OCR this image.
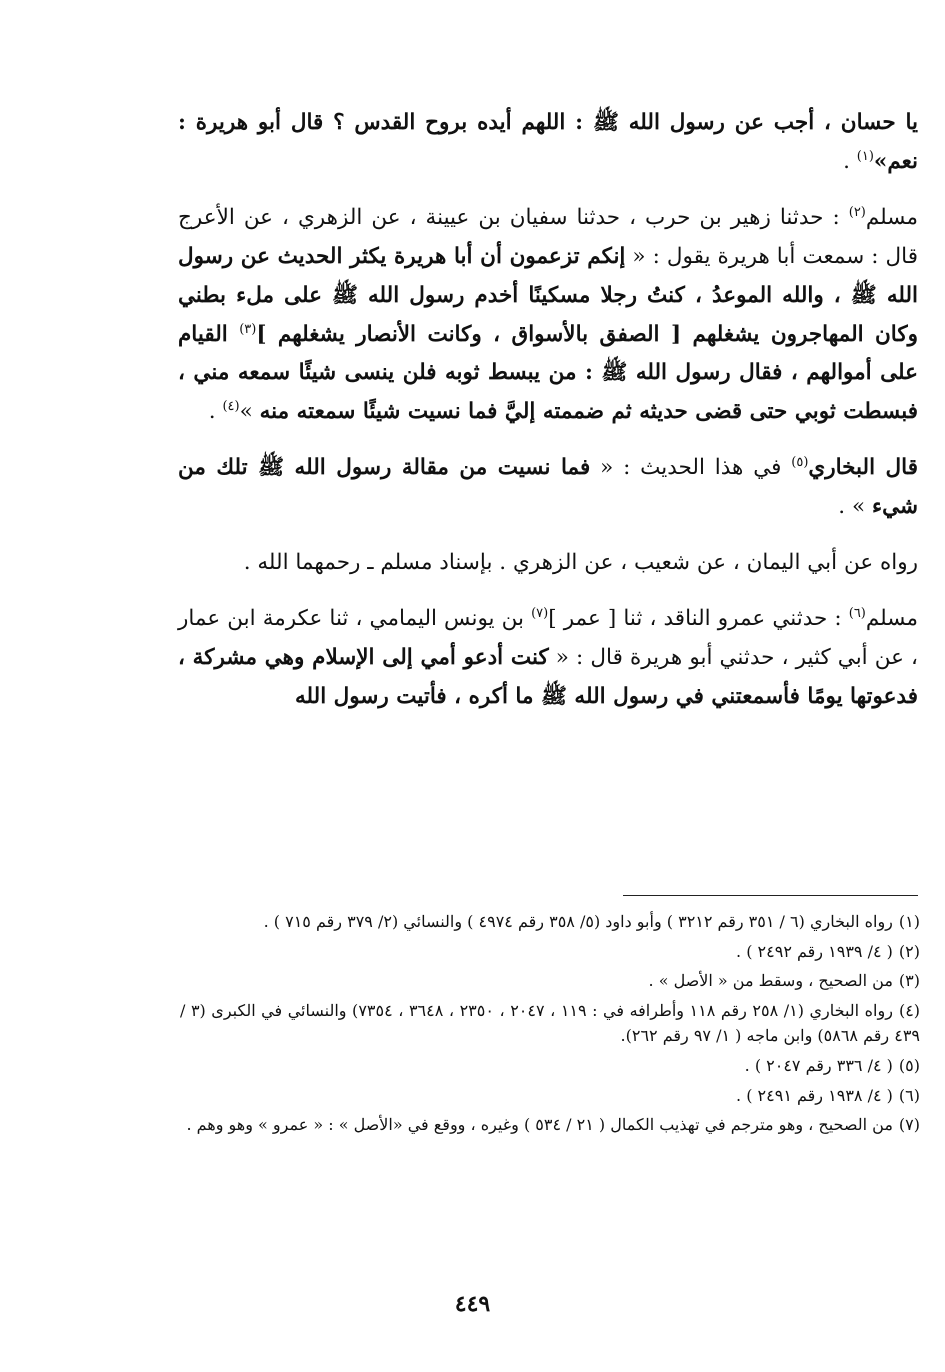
يا حسان ، أجب عن رسول الله ﷺ : اللهم أيده بروح القدس ؟ قال أبو هريرة : نعم»$^{(١)}$ .

مسلم$^{(٢)}$ : حدثنا زهير بن حرب ، حدثنا سفيان بن عيينة ، عن الزهري ، عن الأعرج قال : سمعت أبا هريرة يقول : « إنكم تزعمون أن أبا هريرة يكثر الحديث عن رسول الله ﷺ ، والله الموعدُ ، كنتُ رجلا مسكينًا أخدم رسول الله ﷺ على ملء بطني وكان المهاجرون يشغلهم [ الصفق بالأسواق ، وكانت الأنصار يشغلهم ]$^{(٣)}$ القيام على أموالهم ، فقال رسول الله ﷺ : من يبسط ثوبه فلن ينسى شيئًا سمعه مني ، فبسطت ثوبي حتى قضى حديثه ثم ضممته إليَّ فما نسيت شيئًا سمعته منه »$^{(٤)}$ .

قال البخاري$^{(٥)}$ في هذا الحديث : « فما نسيت من مقالة رسول الله ﷺ تلك من شيء » .

رواه عن أبي اليمان ، عن شعيب ، عن الزهري . بإسناد مسلم ـ رحمهما الله .

مسلم$^{(٦)}$ : حدثني عمرو الناقد ، ثنا [ عمر ]$^{(٧)}$ بن يونس اليمامي ، ثنا عكرمة ابن عمار ، عن أبي كثير ، حدثني أبو هريرة قال : « كنت أدعو أمي إلى الإسلام وهي مشركة ، فدعوتها يومًا فأسمعتني في رسول الله ﷺ ما أكره ، فأتيت رسول الله

(١)رواه البخاري (٦ / ٣٥١ رقم ٣٢١٢ ) وأبو داود (٥/ ٣٥٨ رقم ٤٩٧٤ ) والنسائي (٢/ ٣٧٩ رقم ٧١٥ ) .

(٢)( ٤/ ١٩٣٩ رقم ٢٤٩٢ ) .

(٣)من الصحيح ، وسقط من « الأصل » .

(٤)رواه البخاري (١/ ٢٥٨ رقم ١١٨ وأطرافه في : ١١٩ ، ٢٠٤٧ ، ٢٣٥٠ ، ٣٦٤٨ ، ٧٣٥٤) والنسائي في الكبرى (٣ / ٤٣٩ رقم ٥٨٦٨) وابن ماجه ( ١/ ٩٧ رقم ٢٦٢).

(٥)( ٤/ ٣٣٦ رقم ٢٠٤٧ ) .

(٦)( ٤/ ١٩٣٨ رقم ٢٤٩١ ) .

(٧)من الصحيح ، وهو مترجم في تهذيب الكمال ( ٢١ / ٥٣٤ ) وغيره ، ووقع في «الأصل » : « عمرو » وهو وهم .

٤٤٩
